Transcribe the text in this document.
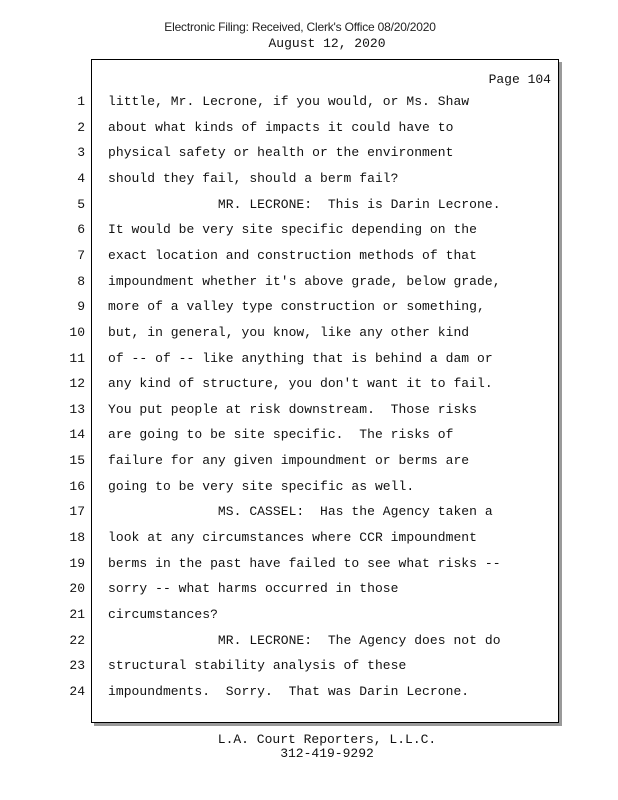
Electronic Filing: Received, Clerk's Office 08/20/2020
August 12, 2020
Page 104
1 little, Mr. Lecrone, if you would, or Ms. Shaw
2 about what kinds of impacts it could have to
3 physical safety or health or the environment
4 should they fail, should a berm fail?
5 MR. LECRONE:  This is Darin Lecrone.
6 It would be very site specific depending on the
7 exact location and construction methods of that
8 impoundment whether it's above grade, below grade,
9 more of a valley type construction or something,
10 but, in general, you know, like any other kind
11 of -- of -- like anything that is behind a dam or
12 any kind of structure, you don't want it to fail.
13 You put people at risk downstream.  Those risks
14 are going to be site specific.  The risks of
15 failure for any given impoundment or berms are
16 going to be very site specific as well.
17 MS. CASSEL:  Has the Agency taken a
18 look at any circumstances where CCR impoundment
19 berms in the past have failed to see what risks --
20 sorry -- what harms occurred in those
21 circumstances?
22 MR. LECRONE:  The Agency does not do
23 structural stability analysis of these
24 impoundments.  Sorry.  That was Darin Lecrone.
L.A. Court Reporters, L.L.C.
312-419-9292
